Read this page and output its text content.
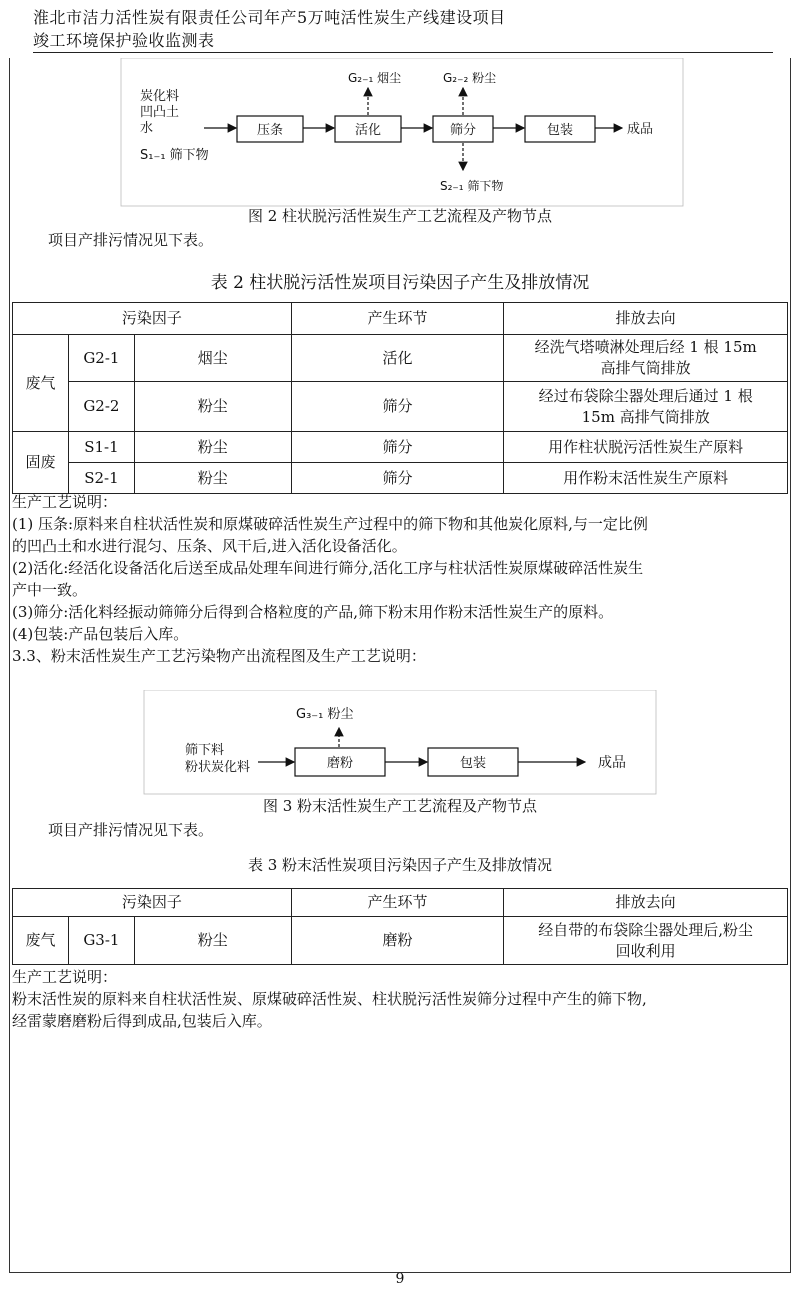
淮北市洁力活性炭有限责任公司年产5万吨活性炭生产线建设项目
竣工环境保护验收监测表
炭化料
凹凸土
水
S₁₋₁ 筛下物
压条	活化	筛分	包装	成品
G₂₋₁ 烟尘	G₂₋₂ 粉尘
S₂₋₁ 筛下物
图 2 柱状脱污活性炭生产工艺流程及产物节点
项目产排污情况见下表。
表 2 柱状脱污活性炭项目污染因子产生及排放情况
污染因子			产生环节	排放去向
废气	G2-1	烟尘	活化	经洗气塔喷淋处理后经 1 根 15m
高排气筒排放
	G2-2	粉尘	筛分	经过布袋除尘器处理后通过 1 根
15m 高排气筒排放
固废	S1-1	粉尘	筛分	用作柱状脱污活性炭生产原料
	S2-1	粉尘	筛分	用作粉末活性炭生产原料
生产工艺说明：
(1) 压条:原料来自柱状活性炭和原煤破碎活性炭生产过程中的筛下物和其他炭化原料,与一定比例
的凹凸土和水进行混匀、压条、风干后,进入活化设备活化。
(2)活化:经活化设备活化后送至成品处理车间进行筛分,活化工序与柱状活性炭原煤破碎活性炭生
产中一致。
(3)筛分:活化料经振动筛筛分后得到合格粒度的产品,筛下粉末用作粉末活性炭生产的原料。
(4)包装:产品包装后入库。
3.3、粉末活性炭生产工艺污染物产出流程图及生产工艺说明：
G₃₋₁ 粉尘
筛下料
粉状炭化料	磨粉	包装	成品
图 3 粉末活性炭生产工艺流程及产物节点
项目产排污情况见下表。
表 3 粉末活性炭项目污染因子产生及排放情况
污染因子			产生环节	排放去向
废气	G3-1	粉尘	磨粉	经自带的布袋除尘器处理后,粉尘
回收利用
生产工艺说明：
粉末活性炭的原料来自柱状活性炭、原煤破碎活性炭、柱状脱污活性炭筛分过程中产生的筛下物,
经雷蒙磨磨粉后得到成品,包装后入库。
9
